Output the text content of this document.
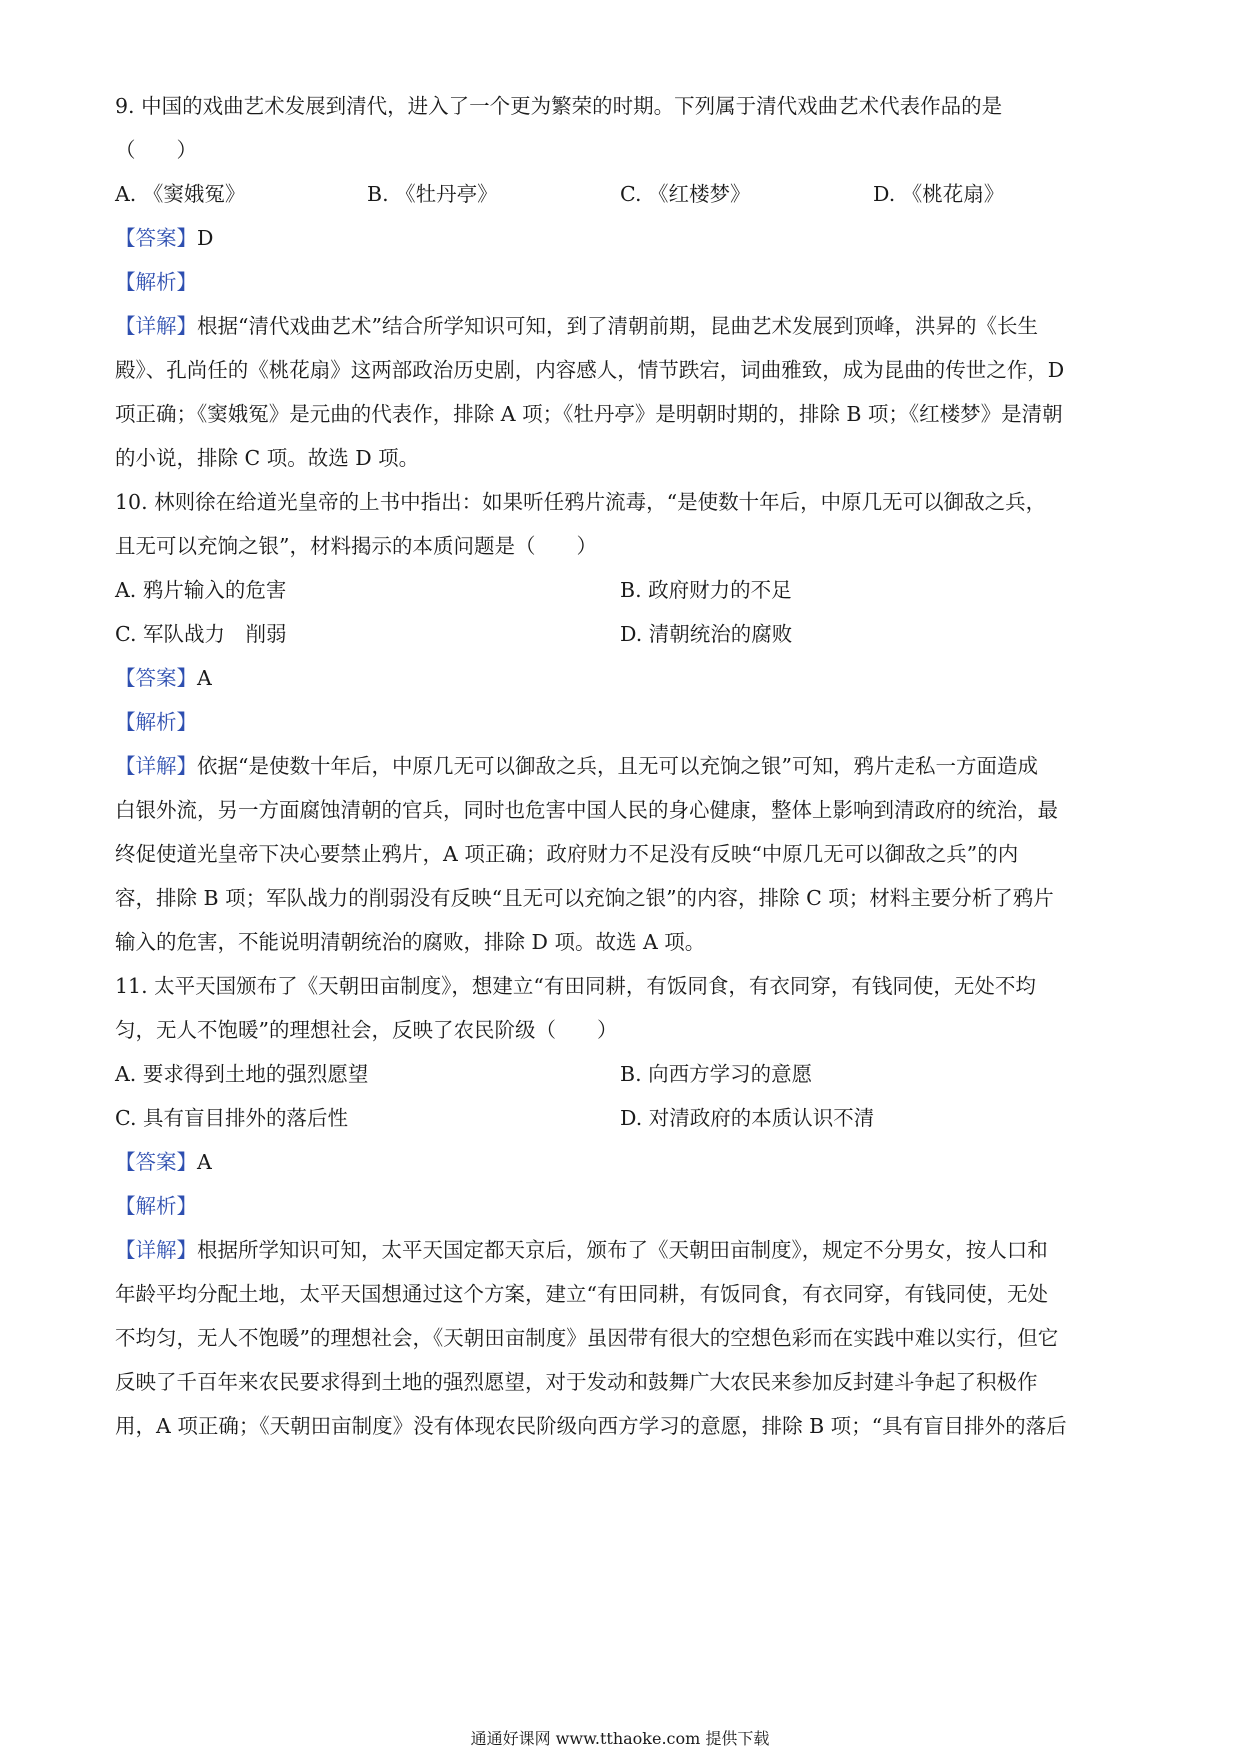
9. 中国的戏曲艺术发展到清代，进入了一个更为繁荣的时期。下列属于清代戏曲艺术代表作品的是
（　　）
A. 《窦娥冤》	B. 《牡丹亭》	C. 《红楼梦》	D. 《桃花扇》
【答案】D
【解析】
【详解】根据“清代戏曲艺术”结合所学知识可知，到了清朝前期，昆曲艺术发展到顶峰，洪昇的《长生
殿》、孔尚任的《桃花扇》这两部政治历史剧，内容感人，情节跌宕，词曲雅致，成为昆曲的传世之作，D
项正确；《窦娥冤》是元曲的代表作，排除 A 项；《牡丹亭》是明朝时期的，排除 B 项；《红楼梦》是清朝
的小说，排除 C 项。故选 D 项。
10. 林则徐在给道光皇帝的上书中指出：如果听任鸦片流毒，“是使数十年后，中原几无可以御敌之兵，
且无可以充饷之银”，材料揭示的本质问题是（　　）
A. 鸦片输入的危害	B. 政府财力的不足
C. 军队战力　削弱	D. 清朝统治的腐败
【答案】A
【解析】
【详解】依据“是使数十年后，中原几无可以御敌之兵，且无可以充饷之银”可知，鸦片走私一方面造成
白银外流，另一方面腐蚀清朝的官兵，同时也危害中国人民的身心健康，整体上影响到清政府的统治，最
终促使道光皇帝下决心要禁止鸦片，A 项正确；政府财力不足没有反映“中原几无可以御敌之兵”的内
容，排除 B 项；军队战力的削弱没有反映“且无可以充饷之银”的内容，排除 C 项；材料主要分析了鸦片
输入的危害，不能说明清朝统治的腐败，排除 D 项。故选 A 项。
11. 太平天国颁布了《天朝田亩制度》，想建立“有田同耕，有饭同食，有衣同穿，有钱同使，无处不均
匀，无人不饱暖”的理想社会，反映了农民阶级（　　）
A. 要求得到土地的强烈愿望	B. 向西方学习的意愿
C. 具有盲目排外的落后性	D. 对清政府的本质认识不清
【答案】A
【解析】
【详解】根据所学知识可知，太平天国定都天京后，颁布了《天朝田亩制度》，规定不分男女，按人口和
年龄平均分配土地，太平天国想通过这个方案，建立“有田同耕，有饭同食，有衣同穿，有钱同使，无处
不均匀，无人不饱暖”的理想社会，《天朝田亩制度》虽因带有很大的空想色彩而在实践中难以实行，但它
反映了千百年来农民要求得到土地的强烈愿望，对于发动和鼓舞广大农民来参加反封建斗争起了积极作
用，A 项正确；《天朝田亩制度》没有体现农民阶级向西方学习的意愿，排除 B 项；“具有盲目排外的落后
通通好课网 www.tthaoke.com 提供下载
